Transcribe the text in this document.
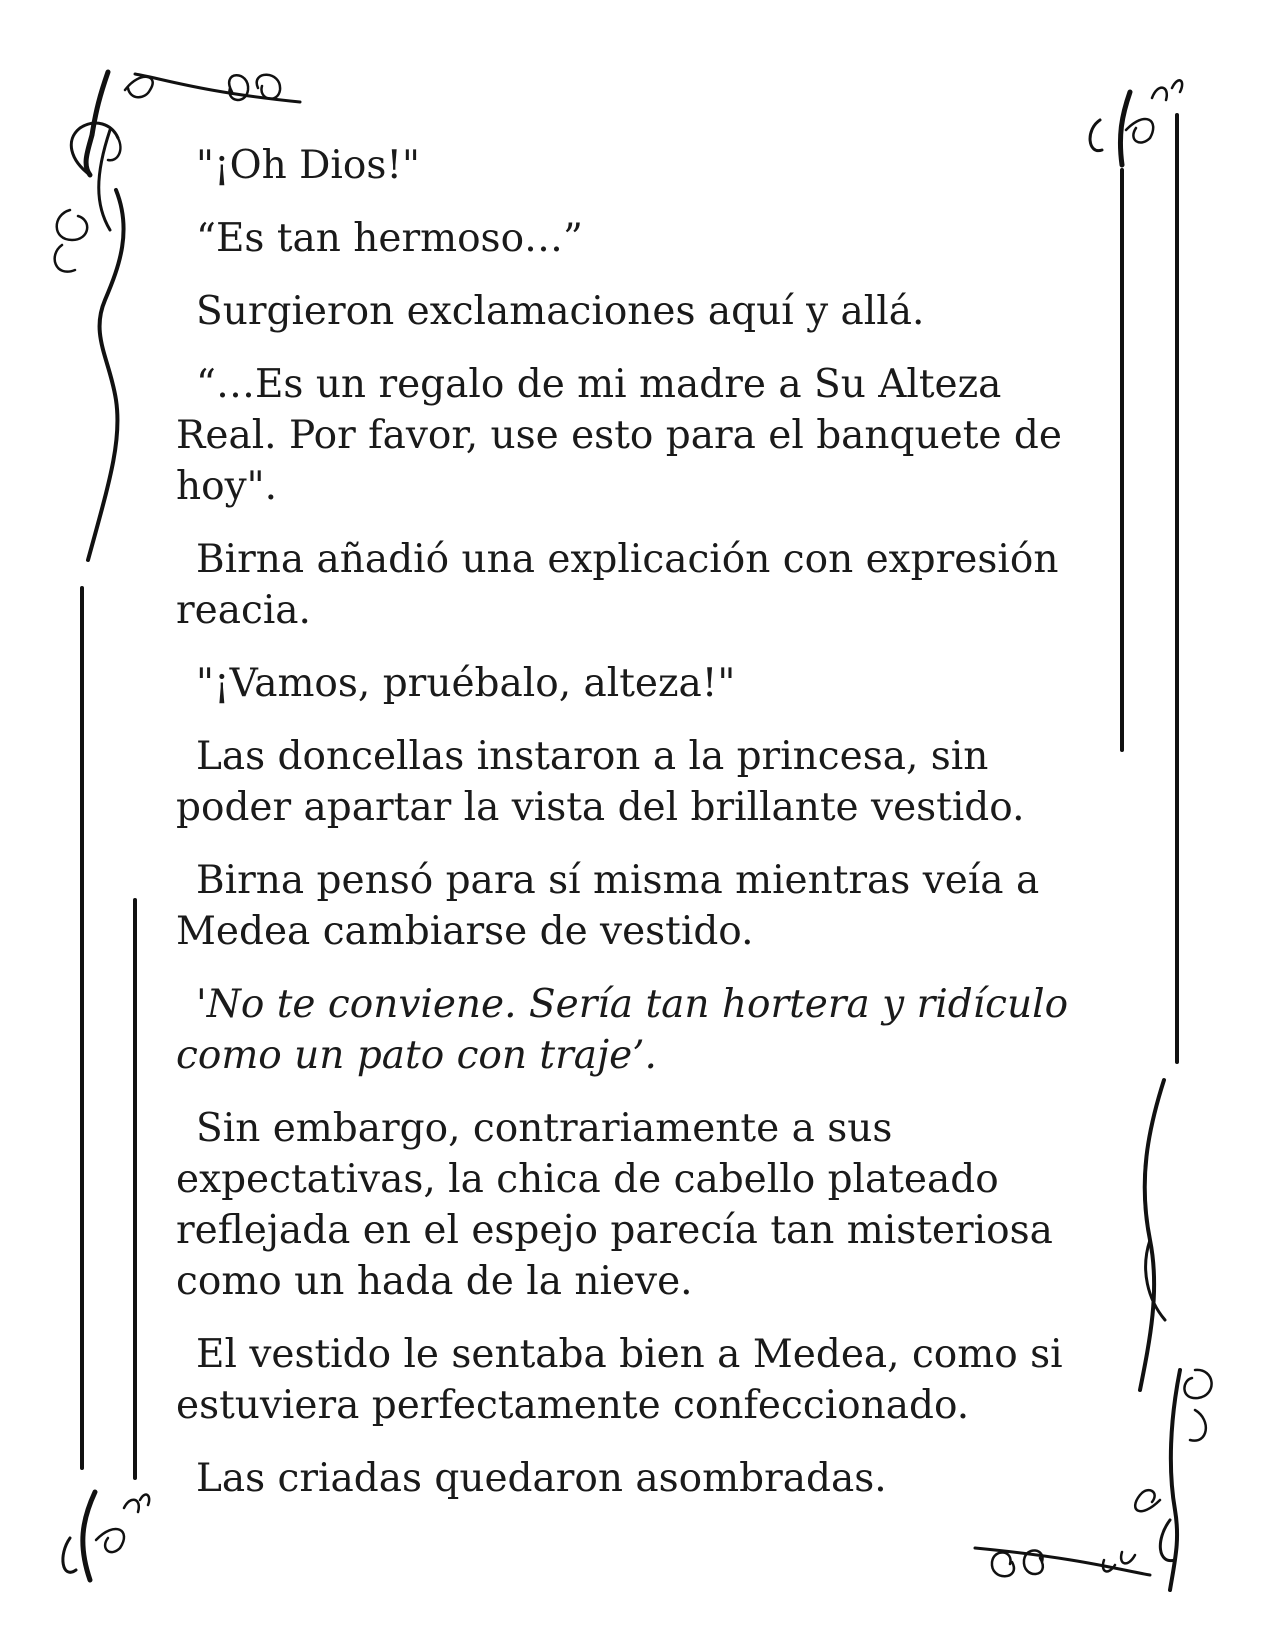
"¡Oh Dios!"

“Es tan hermoso…”

Surgieron exclamaciones aquí y allá.

“…Es un regalo de mi madre a Su Alteza Real. Por favor, use esto para el banquete de hoy".

Birna añadió una explicación con expresión reacia.

"¡Vamos, pruébalo, alteza!"

Las doncellas instaron a la princesa, sin poder apartar la vista del brillante vestido.

Birna pensó para sí misma mientras veía a Medea cambiarse de vestido.

'No te conviene. Sería tan hortera y ridículo como un pato con traje’.

Sin embargo, contrariamente a sus expectativas, la chica de cabello plateado reflejada en el espejo parecía tan misteriosa como un hada de la nieve.

El vestido le sentaba bien a Medea, como si estuviera perfectamente confeccionado.

Las criadas quedaron asombradas.
